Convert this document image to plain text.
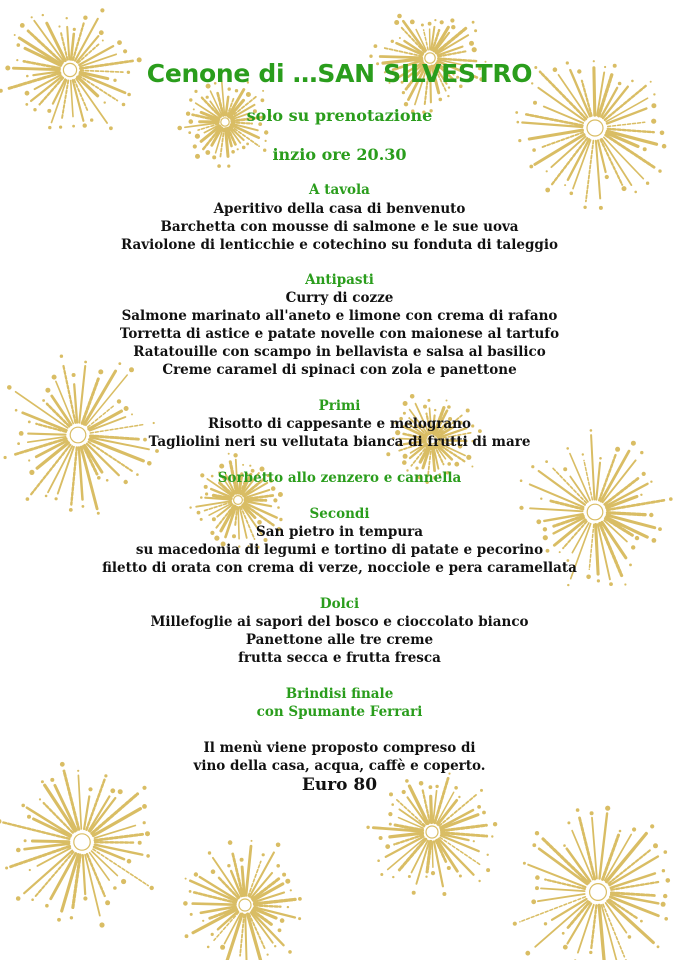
Cenone di …SAN SILVESTRO
solo su prenotazione
inzio ore 20.30
A tavola
Aperitivo della casa di benvenuto
Barchetta con mousse di salmone e le sue uova
Raviolone di lenticchie e cotechino su fonduta di taleggio
Antipasti
Curry di cozze
Salmone marinato all'aneto e limone con crema di rafano
Torretta di astice e patate novelle con maionese al tartufo
Ratatouille con scampo in bellavista e salsa al basilico
Creme caramel di spinaci con zola e panettone
Primi
Risotto di cappesante e melograno
Tagliolini neri su vellutata bianca di frutti di mare
Sorbetto allo zenzero e cannella
Secondi
San pietro in tempura
su macedonia di legumi e tortino di patate e pecorino
filetto di orata con crema di verze, nocciole e pera caramellata
Dolci
Millefoglie ai sapori del bosco e cioccolato bianco
Panettone alle tre creme
frutta secca e frutta fresca
Brindisi finale
con Spumante Ferrari
Il menù viene proposto compreso di
vino della casa, acqua, caffè e coperto.
Euro 80
